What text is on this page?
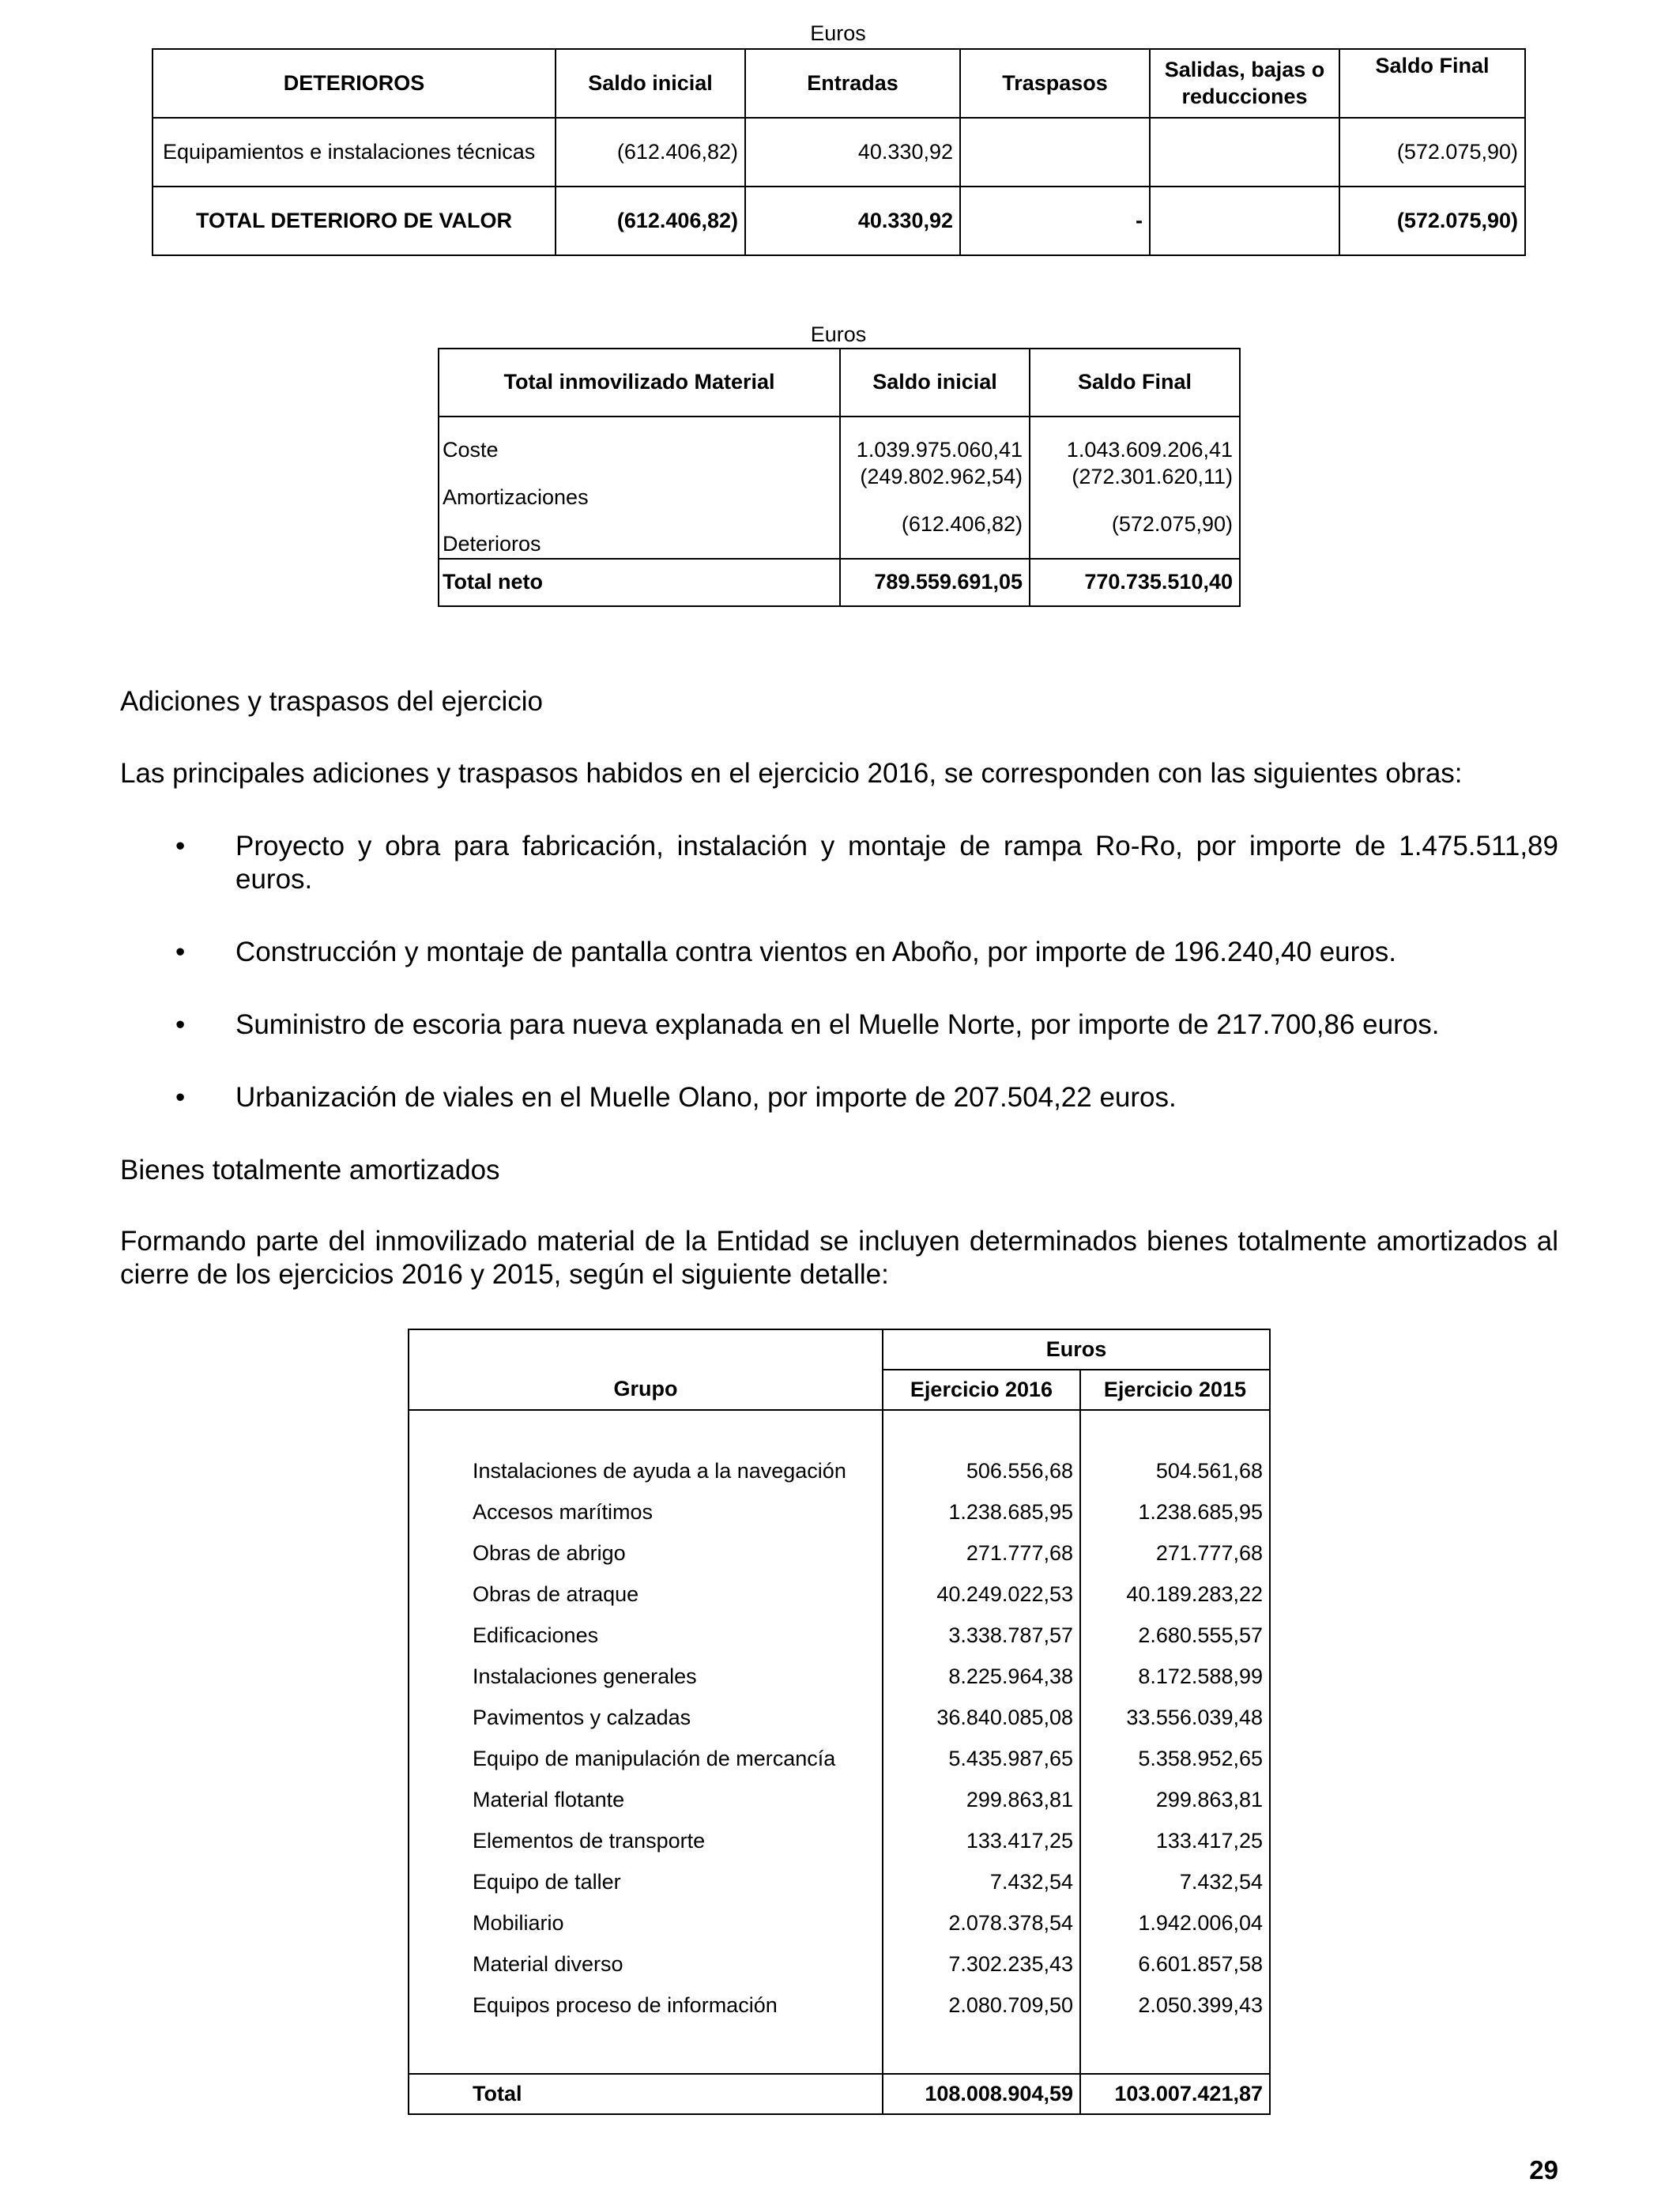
Euros
DETERIOROS	Saldo inicial	Entradas	Traspasos	Salidas, bajas o reducciones	Saldo Final
Equipamientos e instalaciones técnicas	(612.406,82)	40.330,92			(572.075,90)
TOTAL DETERIORO DE VALOR	(612.406,82)	40.330,92	-		(572.075,90)
Euros
Total inmovilizado Material	Saldo inicial	Saldo Final
Coste	1.039.975.060,41	1.043.609.206,41
Amortizaciones	(249.802.962,54)	(272.301.620,11)
Deterioros	(612.406,82)	(572.075,90)
Total neto	789.559.691,05	770.735.510,40
Adiciones y traspasos del ejercicio
Las principales adiciones y traspasos habidos en el ejercicio 2016, se corresponden con las siguientes obras:
• Proyecto y obra para fabricación, instalación y montaje de rampa Ro-Ro, por importe de 1.475.511,89 euros.
• Construcción y montaje de pantalla contra vientos en Aboño, por importe de 196.240,40 euros.
• Suministro de escoria para nueva explanada en el Muelle Norte, por importe de 217.700,86 euros.
• Urbanización de viales en el Muelle Olano, por importe de 207.504,22 euros.
Bienes totalmente amortizados
Formando parte del inmovilizado material de la Entidad se incluyen determinados bienes totalmente amortizados al cierre de los ejercicios 2016 y 2015, según el siguiente detalle:
	Euros	
Grupo	Ejercicio 2016	Ejercicio 2015

Instalaciones de ayuda a la navegación	506.556,68	504.561,68
Accesos marítimos	1.238.685,95	1.238.685,95
Obras de abrigo	271.777,68	271.777,68
Obras de atraque	40.249.022,53	40.189.283,22
Edificaciones	3.338.787,57	2.680.555,57
Instalaciones generales	8.225.964,38	8.172.588,99
Pavimentos y calzadas	36.840.085,08	33.556.039,48
Equipo de manipulación de mercancía	5.435.987,65	5.358.952,65
Material flotante	299.863,81	299.863,81
Elementos de transporte	133.417,25	133.417,25
Equipo de taller	7.432,54	7.432,54
Mobiliario	2.078.378,54	1.942.006,04
Material diverso	7.302.235,43	6.601.857,58
Equipos proceso de información	2.080.709,50	2.050.399,43

Total	108.008.904,59	103.007.421,87
29
